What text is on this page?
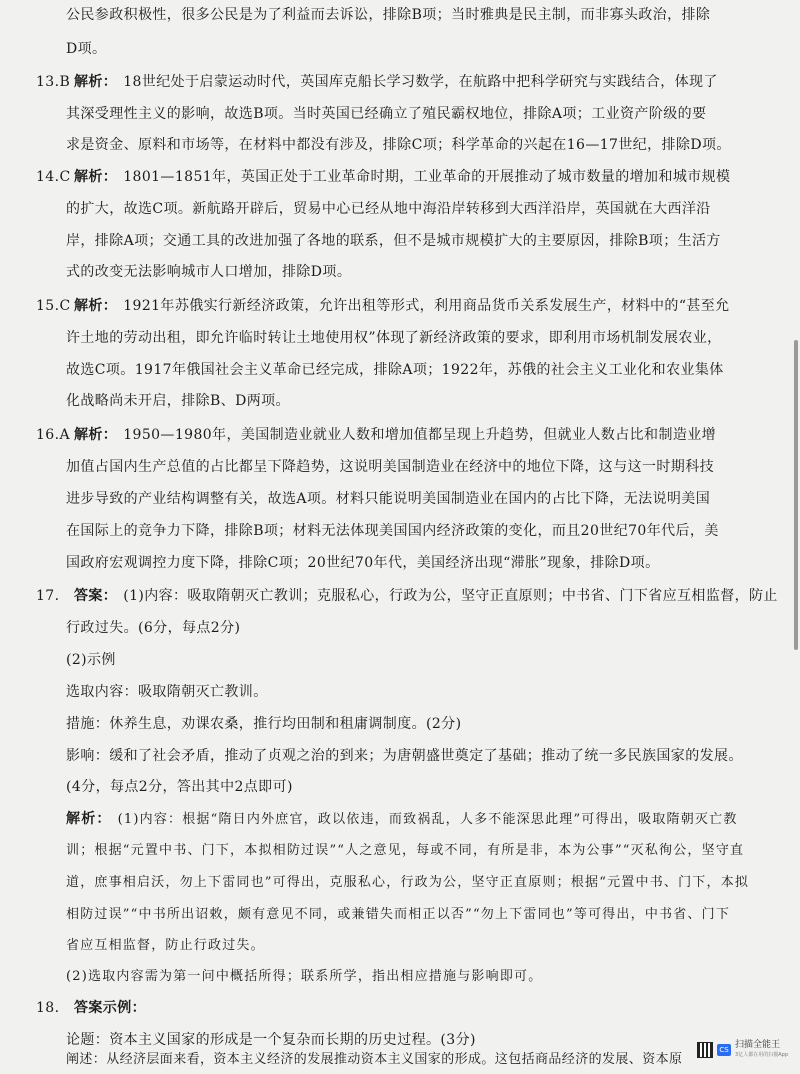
公民参政积极性，很多公民是为了利益而去诉讼，排除B项；当时雅典是民主制，而非寡头政治，排除

D项。

13.B 解析： 18世纪处于启蒙运动时代，英国库克船长学习数学，在航路中把科学研究与实践结合，体现了

其深受理性主义的影响，故选B项。当时英国已经确立了殖民霸权地位，排除A项；工业资产阶级的要

求是资金、原料和市场等，在材料中都没有涉及，排除C项；科学革命的兴起在16—17世纪，排除D项。

14.C 解析： 1801—1851年，英国正处于工业革命时期，工业革命的开展推动了城市数量的增加和城市规模

的扩大，故选C项。新航路开辟后，贸易中心已经从地中海沿岸转移到大西洋沿岸，英国就在大西洋沿

岸，排除A项；交通工具的改进加强了各地的联系，但不是城市规模扩大的主要原因，排除B项；生活方

式的改变无法影响城市人口增加，排除D项。

15.C 解析： 1921年苏俄实行新经济政策，允许出租等形式，利用商品货币关系发展生产，材料中的“甚至允

许土地的劳动出租，即允许临时转让土地使用权”体现了新经济政策的要求，即利用市场机制发展农业，

故选C项。1917年俄国社会主义革命已经完成，排除A项；1922年，苏俄的社会主义工业化和农业集体

化战略尚未开启，排除B、D两项。

16.A 解析： 1950—1980年，美国制造业就业人数和增加值都呈现上升趋势，但就业人数占比和制造业增

加值占国内生产总值的占比都呈下降趋势，这说明美国制造业在经济中的地位下降，这与这一时期科技

进步导致的产业结构调整有关，故选A项。材料只能说明美国制造业在国内的占比下降，无法说明美国

在国际上的竞争力下降，排除B项；材料无法体现美国国内经济政策的变化，而且20世纪70年代后，美

国政府宏观调控力度下降，排除C项；20世纪70年代，美国经济出现“滞胀”现象，排除D项。

17. 答案： (1)内容：吸取隋朝灭亡教训；克服私心，行政为公，坚守正直原则；中书省、门下省应互相监督，防止

行政过失。(6分，每点2分)

(2)示例

选取内容：吸取隋朝灭亡教训。

措施：休养生息，劝课农桑，推行均田制和租庸调制度。(2分)

影响：缓和了社会矛盾，推动了贞观之治的到来；为唐朝盛世奠定了基础；推动了统一多民族国家的发展。

(4分，每点2分，答出其中2点即可)

解析： (1)内容：根据“隋日内外庶官，政以依违，而致祸乱，人多不能深思此理”可得出，吸取隋朝灭亡教

训；根据“元置中书、门下，本拟相防过误”“人之意见，每或不同，有所是非，本为公事”“灭私徇公，坚守直

道，庶事相启沃，勿上下雷同也”可得出，克服私心，行政为公，坚守正直原则；根据“元置中书、门下，本拟

相防过误”“中书所出诏敕，颇有意见不同，或兼错失而相正以否”“勿上下雷同也”等可得出，中书省、门下

省应互相监督，防止行政过失。

(2)选取内容需为第一问中概括所得；联系所学，指出相应措施与影响即可。

18. 答案示例：

论题：资本主义国家的形成是一个复杂而长期的历史过程。(3分)

阐述：从经济层面来看，资本主义经济的发展推动资本主义国家的形成。这包括商品经济的发展、资本原

CS 扫描全能王
3亿人都在用的扫描App
